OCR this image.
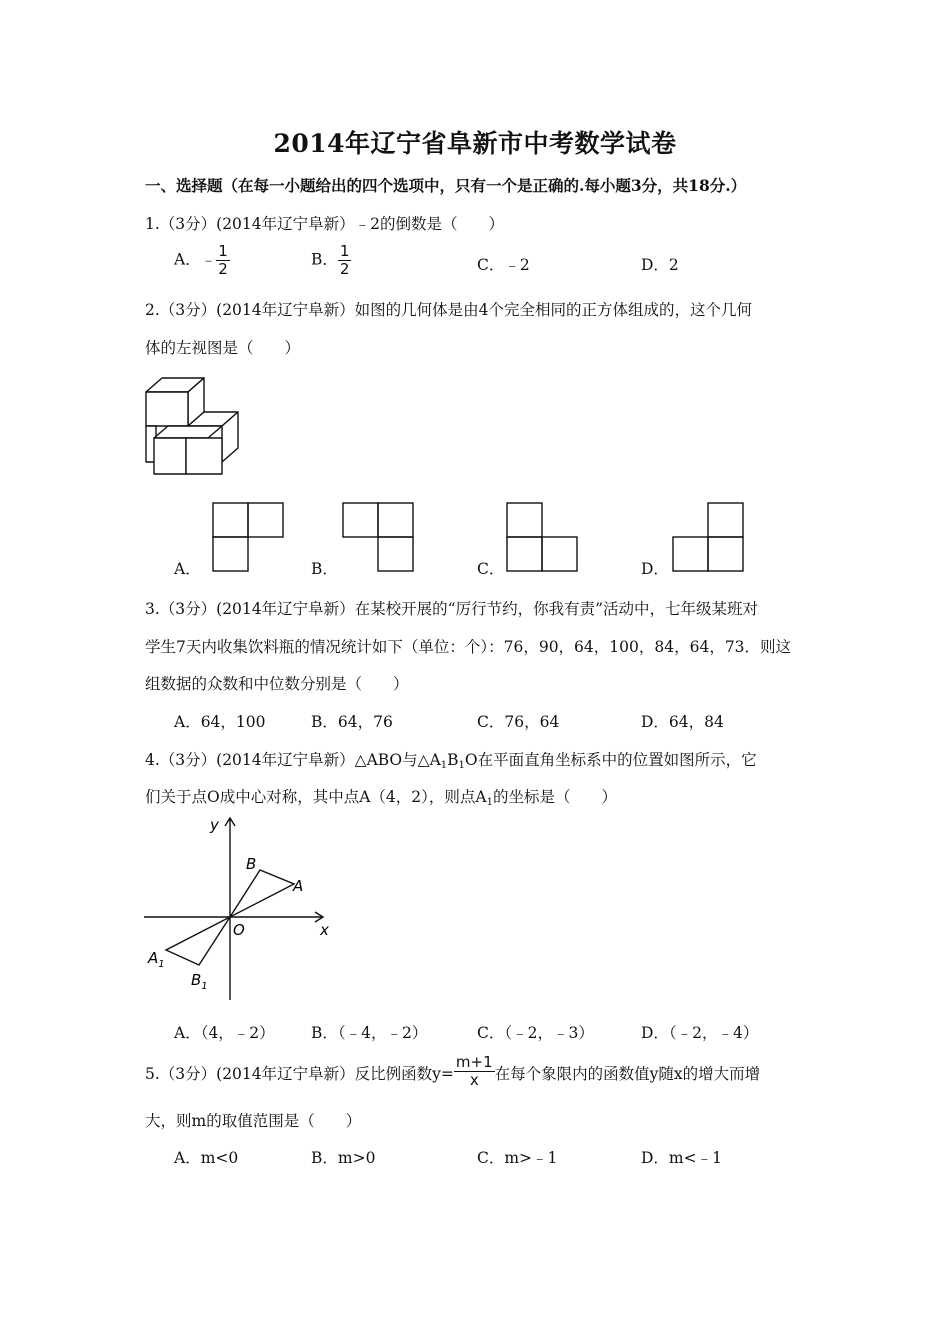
2014年辽宁省阜新市中考数学试卷
一、选择题（在每一小题给出的四个选项中，只有一个是正确的.每小题3分，共18分.）
1.（3分）(2014年辽宁阜新）﹣2的倒数是（　　）
A．﹣ $\frac{1}{2}$	B． $\frac{1}{2}$	C．﹣2	D．2
2.（3分）(2014年辽宁阜新）如图的几何体是由4个完全相同的正方体组成的，这个几何
体的左视图是（　　）
A．	B．	C．	D．
3.（3分）(2014年辽宁阜新）在某校开展的“厉行节约，你我有责”活动中，七年级某班对
学生7天内收集饮料瓶的情况统计如下（单位：个）：76，90，64，100，84，64，73．则这
组数据的众数和中位数分别是（　　）
A．64，100	B．64，76	C．76，64	D．64，84
4.（3分）(2014年辽宁阜新）△ABO与$\triangle A_1B_1O$在平面直角坐标系中的位置如图所示，它
们关于点O成中心对称，其中点A（4，2），则点$A_1$的坐标是（　　）
y
x
O
B
A
$A_1$
$B_1$
A．（4，﹣2） B．（﹣4，﹣2）	C．（﹣2，﹣3）	D．（﹣2，﹣4）
5.（3分）(2014年辽宁阜新）反比例函数$y= \frac{m+1}{x}$ 在每个象限内的函数值y随x的增大而增
大，则m的取值范围是（　　）
A．m<0	B．m>0	C．m>﹣1	D．m<﹣1
